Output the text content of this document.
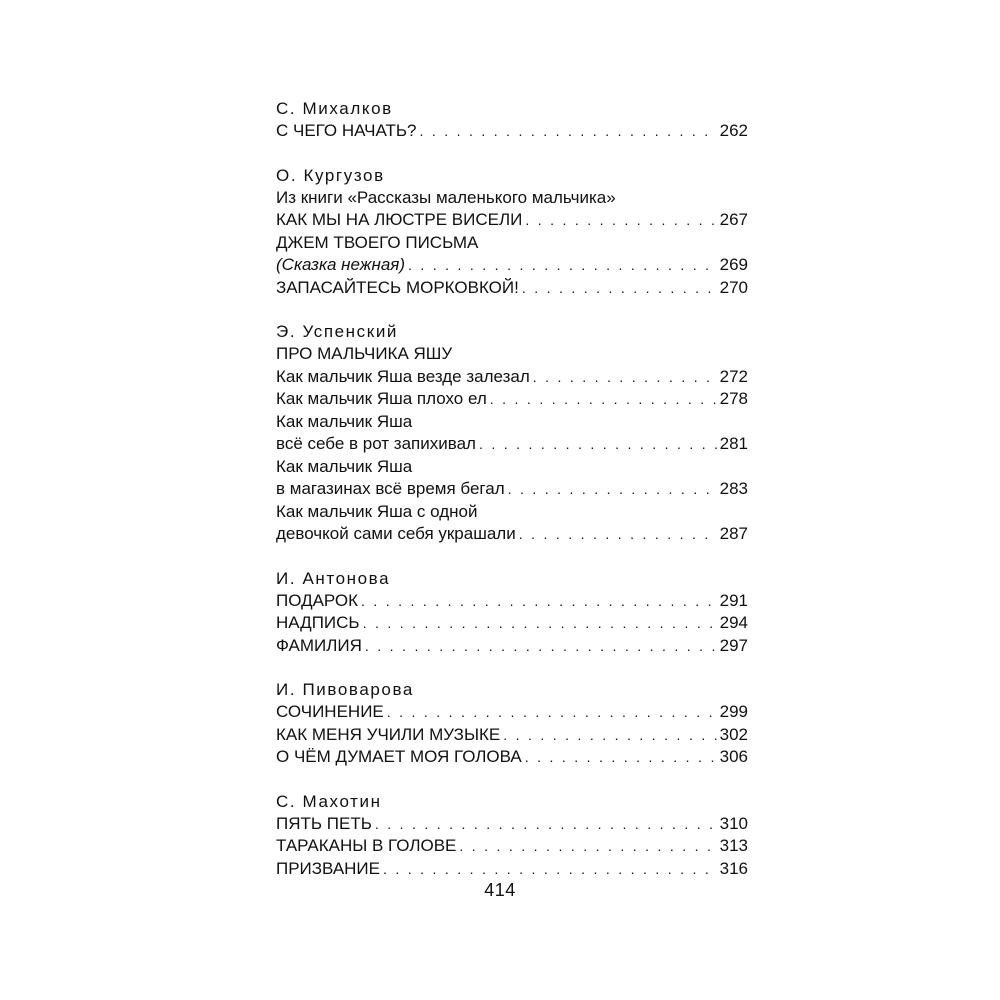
С. Михалков
С ЧЕГО НАЧАТЬ? . . .	262
О. Кургузов
Из книги «Рассказы маленького мальчика»
КАК МЫ НА ЛЮСТРЕ ВИСЕЛИ . . .	267
ДЖЕМ ТВОЕГО ПИСЬМА
(Сказка нежная) . . .	269
ЗАПАСАЙТЕСЬ МОРКОВКОЙ! . . .	270
Э. Успенский
ПРО МАЛЬЧИКА ЯШУ
Как мальчик Яша везде залезал . . .	272
Как мальчик Яша плохо ел . . .	278
Как мальчик Яша
всё себе в рот запихивал . . .	281
Как мальчик Яша
в магазинах всё время бегал . . .	283
Как мальчик Яша с одной
девочкой сами себя украшали . . .	287
И. Антонова
ПОДАРОК . . .	291
НАДПИСЬ . . .	294
ФАМИЛИЯ . . .	297
И. Пивоварова
СОЧИНЕНИЕ . . .	299
КАК МЕНЯ УЧИЛИ МУЗЫКЕ . . .	302
О ЧЁМ ДУМАЕТ МОЯ ГОЛОВА . . .	306
С. Махотин
ПЯТЬ ПЕТЬ . . .	310
ТАРАКАНЫ В ГОЛОВЕ . . .	313
ПРИЗВАНИЕ . . .	316
414
